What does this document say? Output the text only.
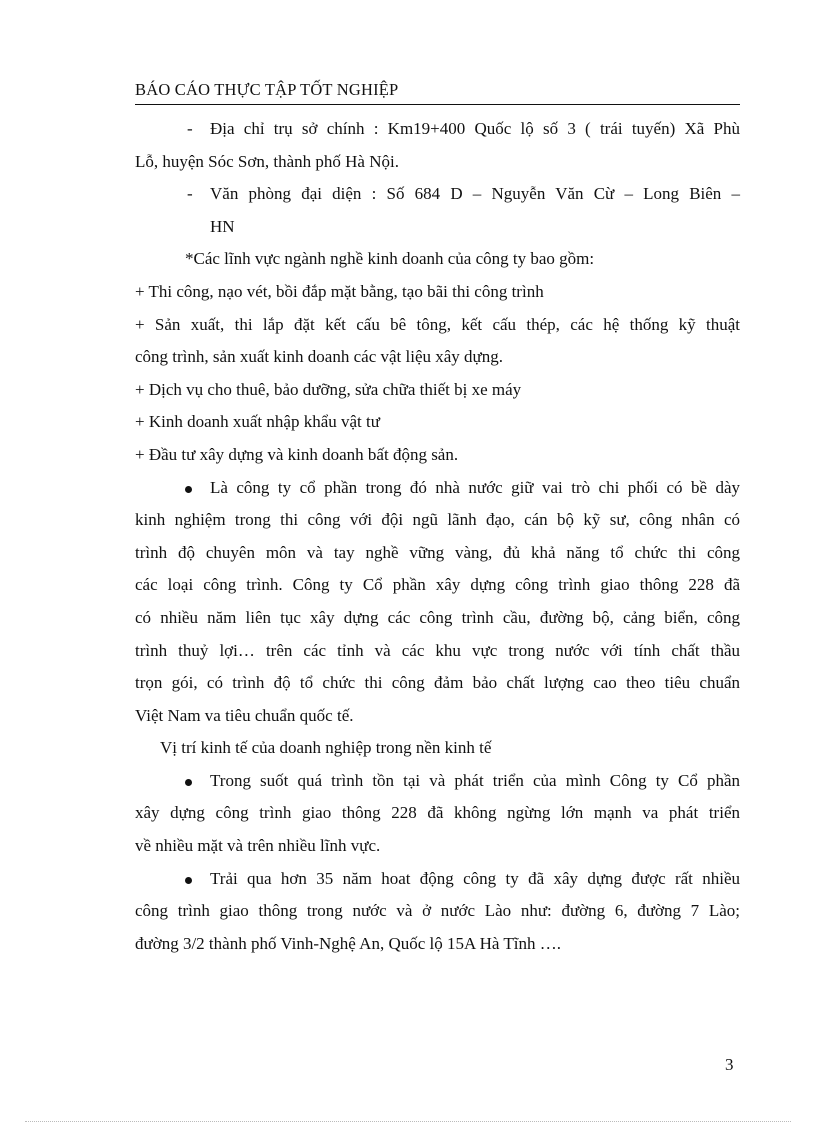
BÁO CÁO THỰC TẬP TỐT NGHIỆP
- Địa chỉ trụ sở chính : Km19+400 Quốc lộ số 3 ( trái tuyến) Xã Phù
Lỗ, huyện Sóc Sơn, thành phố Hà Nội.
- Văn phòng đại diện : Số 684 D – Nguyễn Văn Cừ – Long Biên –
HN
*Các lĩnh vực ngành nghề kinh doanh của công ty bao gồm:
+ Thi công, nạo vét, bồi đắp mặt bằng, tạo bãi thi công trình
+ Sản xuất, thi lắp đặt kết cấu bê tông, kết cấu thép, các hệ thống kỹ thuật
công trình, sản xuất kinh doanh các vật liệu xây dựng.
+ Dịch vụ cho thuê, bảo dưỡng, sửa chữa thiết bị xe máy
+ Kinh doanh xuất nhập khẩu vật tư
+ Đầu tư xây dựng và kinh doanh bất động sản.
Là công ty cổ phần trong đó nhà nước giữ vai trò chi phối có bề dày
kinh nghiệm trong thi công với đội ngũ lãnh đạo, cán bộ kỹ sư, công nhân có
trình độ chuyên môn và tay nghề vững vàng, đủ khả năng tổ chức thi công
các loại công trình. Công ty Cổ phần xây dựng công trình giao thông 228 đã
có nhiều năm liên tục xây dựng các công trình cầu, đường bộ, cảng biển, công
trình thuỷ lợi… trên các tỉnh và các khu vực trong nước với tính chất thầu
trọn gói, có trình độ tổ chức thi công đảm bảo chất lượng cao theo tiêu chuẩn
Việt Nam va tiêu chuẩn quốc tế.
Vị trí kinh tế của doanh nghiệp trong nền kinh tế
Trong suốt quá trình tồn tại và phát triển của mình Công ty Cổ phần
xây dựng công trình giao thông 228 đã không ngừng lớn mạnh va phát triển
về nhiều mặt và trên nhiều lĩnh vực.
Trải qua hơn 35 năm hoat động công ty đã xây dựng được rất nhiều
công trình giao thông trong nước và ở nước Lào như: đường 6, đường 7 Lào;
đường 3/2 thành phố Vinh-Nghệ An, Quốc lộ 15A Hà Tĩnh ….
3
